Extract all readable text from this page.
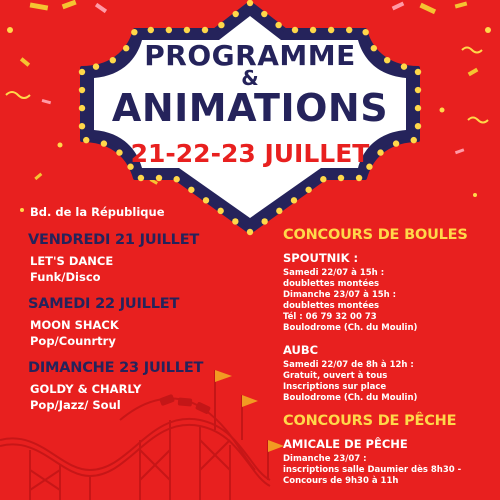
PROGRAMME
&
ANIMATIONS
21-22-23 JUILLET
Bd. de la République
VENDREDI 21 JUILLET
LET'S DANCE
Funk/Disco
SAMEDI 22 JUILLET
MOON SHACK
Pop/Counrtry
DIMANCHE 23 JUILLET
GOLDY & CHARLY
Pop/Jazz/ Soul
CONCOURS DE BOULES
SPOUTNIK :
Samedi 22/07 à 15h :
doublettes montées
Dimanche 23/07 à 15h :
doublettes montées
Tél : 06 79 32 00 73
Boulodrome (Ch. du Moulin)
AUBC
Samedi 22/07 de 8h à 12h :
Gratuit, ouvert à tous
Inscriptions sur place
Boulodrome (Ch. du Moulin)
CONCOURS DE PÊCHE
AMICALE DE PÊCHE
Dimanche 23/07 :
inscriptions salle Daumier dès 8h30 -
Concours de 9h30 à 11h
